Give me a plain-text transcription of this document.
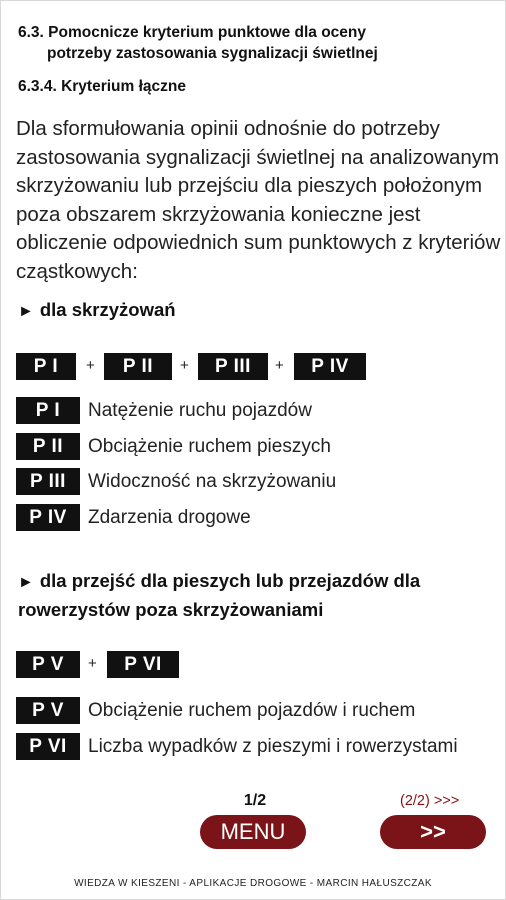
6.3. Pomocnicze kryterium punktowe dla oceny
potrzeby zastosowania sygnalizacji świetlnej
6.3.4. Kryterium łączne
Dla sformułowania opinii odnośnie do potrzeby zastosowania sygnalizacji świetlnej na analizowanym skrzyżowaniu lub przejściu dla pieszych położonym poza obszarem skrzyżowania konieczne jest obliczenie odpowiednich sum punktowych z kryteriów cząstkowych:
► dla skrzyżowań
P I	+	P II	+	P III	+	P IV
P I	Natężenie ruchu pojazdów
P II	Obciążenie ruchem pieszych
P III	Widoczność na skrzyżowaniu
P IV	Zdarzenia drogowe
► dla przejść dla pieszych lub przejazdów dla
rowerzystów poza skrzyżowaniami
P V	+	P VI
P V	Obciążenie ruchem pojazdów i ruchem
P VI	Liczba wypadków z pieszymi i rowerzystami
1/2	(2/2) >>>
MENU	>>
WIEDZA W KIESZENI - APLIKACJE DROGOWE - MARCIN HAŁUSZCZAK
